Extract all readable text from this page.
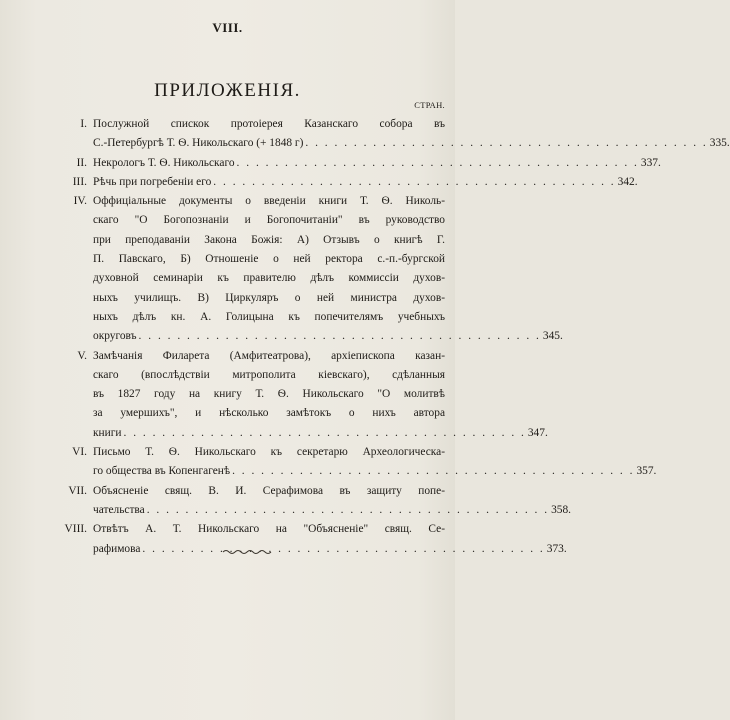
VIII.
ПРИЛОЖЕНІЯ.
СТРАН.
I. Послужной спискок протоіерея Казанскаго собора въ
С.-Петербургѣ Т. Ѳ. Никольскаго (+ 1848 г) . . . . . . . . . . . . . . . . . . . . . . . . . . . . . . . . . . . . . . . . . . 335.
II. Некрологъ Т. Ѳ. Никольскаго . . . . . . . . . . . . . . . . . . . . . . . . . . . . . . . . . . . . . . . . . . 337.
III. Рѣчь при погребеніи его . . . . . . . . . . . . . . . . . . . . . . . . . . . . . . . . . . . . . . . . . . 342.
IV. Оффиціальные документы о введеніи книги Т. Ѳ. Николь-
скаго "О Богопознаніи и Богопочитаніи" въ руководство
при преподаваніи Закона Божія: А) Отзывъ о книгѣ Г.
П. Павскаго, Б) Отношеніе о ней ректора с.-п.-бургской
духовной семинаріи къ правителю дѣлъ коммиссіи духов-
ныхъ училищъ. В) Циркуляръ о ней министра духов-
ныхъ дѣлъ кн. А. Голицына къ попечителямъ учебныхъ
округовъ . . . . . . . . . . . . . . . . . . . . . . . . . . . . . . . . . . . . . . . . . . 345.
V. Замѣчанія Филарета (Амфитеатрова), архіепископа казан-
скаго (впослѣдствіи митрополита кіевскаго), сдѣланныя
въ 1827 году на книгу Т. Ѳ. Никольскаго "О молитвѣ
за умершихъ", и нѣсколько замѣтокъ о нихъ автора
книги . . . . . . . . . . . . . . . . . . . . . . . . . . . . . . . . . . . . . . . . . . 347.
VI. Письмо Т. Ѳ. Никольскаго къ секретарю Археологическа-
го общества въ Копенгагенѣ . . . . . . . . . . . . . . . . . . . . . . . . . . . . . . . . . . . . . . . . . . 357.
VII. Объясненіе свящ. В. И. Серафимова въ защиту попе-
чательства . . . . . . . . . . . . . . . . . . . . . . . . . . . . . . . . . . . . . . . . . . 358.
VIII. Отвѣтъ А. Т. Никольскаго на "Объясненіе" свящ. Се-
рафимова . . . . . . . . . . . . . . . . . . . . . . . . . . . . . . . . . . . . . . . . . . 373.
